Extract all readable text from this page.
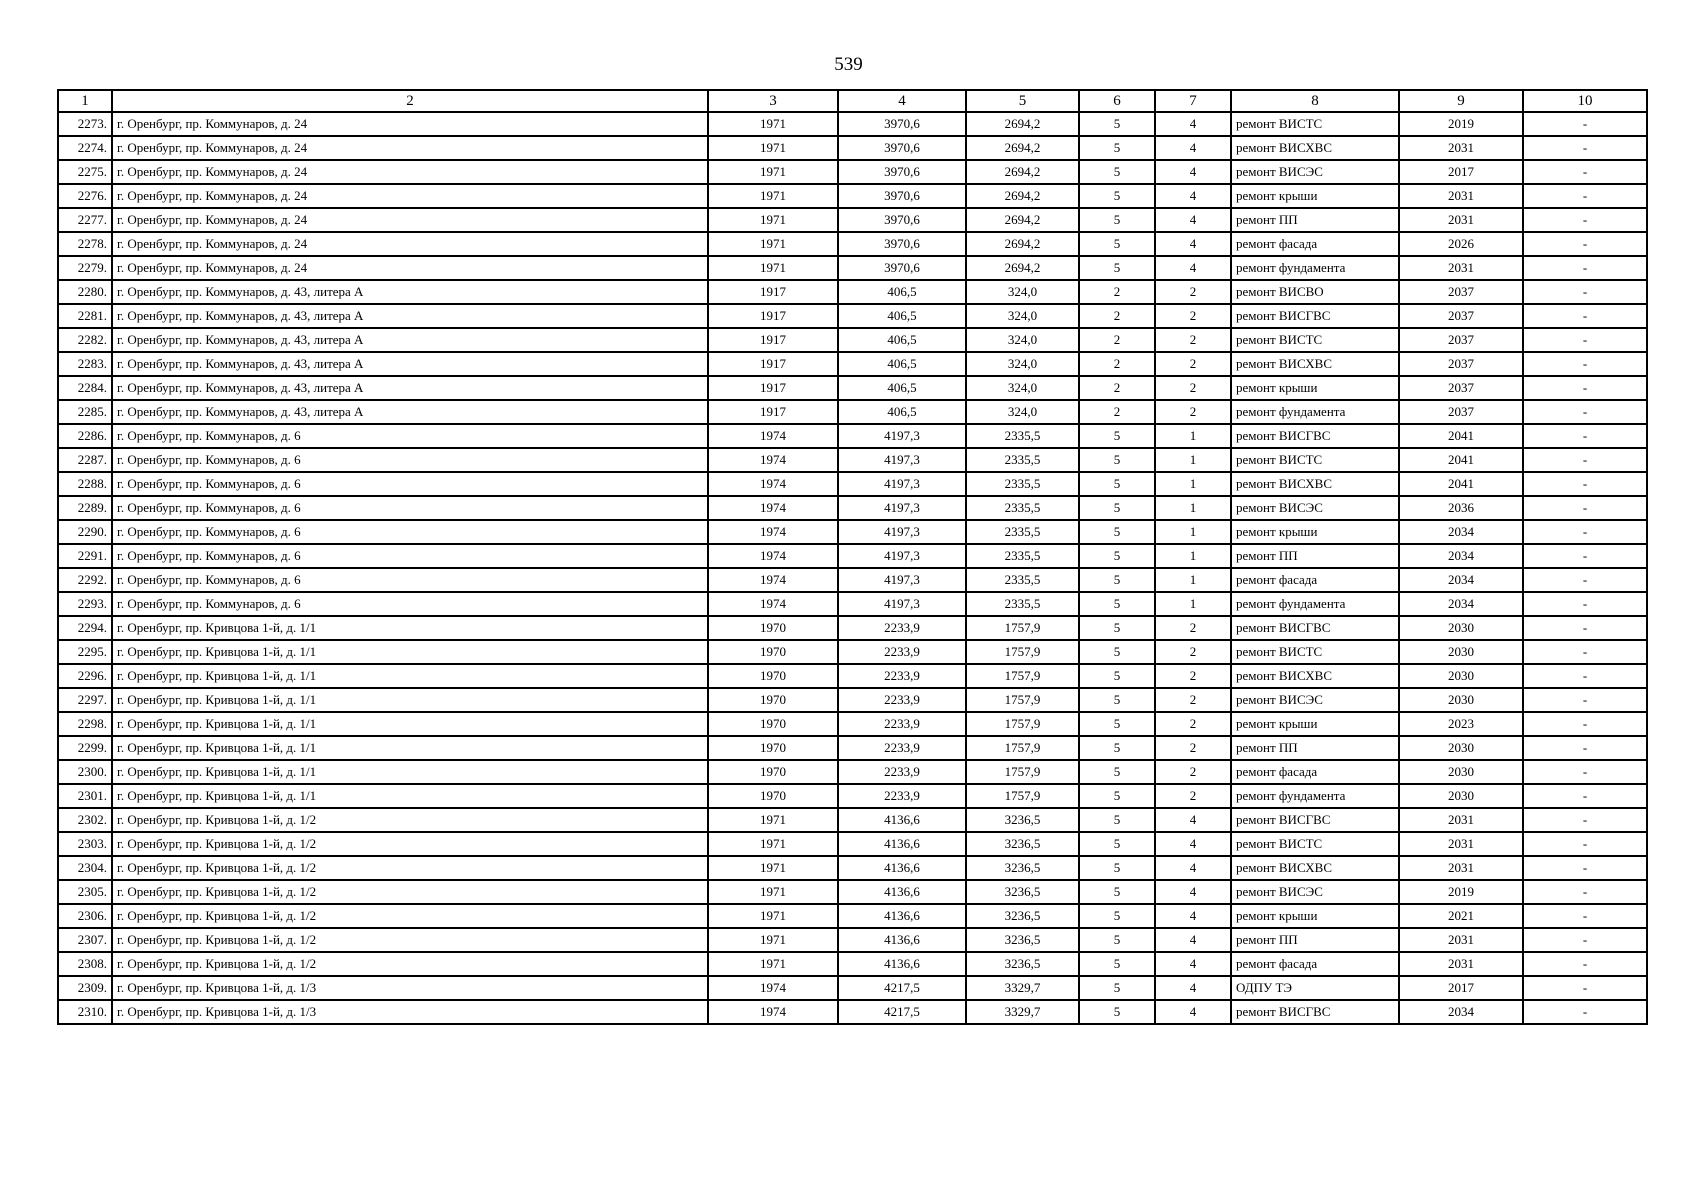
539
1	2	3	4	5	6	7	8	9	10
2273.	г. Оренбург, пр. Коммунаров, д. 24	1971	3970,6	2694,2	5	4	ремонт ВИСТС	2019	-
2274.	г. Оренбург, пр. Коммунаров, д. 24	1971	3970,6	2694,2	5	4	ремонт ВИСХВС	2031	-
2275.	г. Оренбург, пр. Коммунаров, д. 24	1971	3970,6	2694,2	5	4	ремонт ВИСЭС	2017	-
2276.	г. Оренбург, пр. Коммунаров, д. 24	1971	3970,6	2694,2	5	4	ремонт крыши	2031	-
2277.	г. Оренбург, пр. Коммунаров, д. 24	1971	3970,6	2694,2	5	4	ремонт ПП	2031	-
2278.	г. Оренбург, пр. Коммунаров, д. 24	1971	3970,6	2694,2	5	4	ремонт фасада	2026	-
2279.	г. Оренбург, пр. Коммунаров, д. 24	1971	3970,6	2694,2	5	4	ремонт фундамента	2031	-
2280.	г. Оренбург, пр. Коммунаров, д. 43, литера А	1917	406,5	324,0	2	2	ремонт ВИСВО	2037	-
2281.	г. Оренбург, пр. Коммунаров, д. 43, литера А	1917	406,5	324,0	2	2	ремонт ВИСГВС	2037	-
2282.	г. Оренбург, пр. Коммунаров, д. 43, литера А	1917	406,5	324,0	2	2	ремонт ВИСТС	2037	-
2283.	г. Оренбург, пр. Коммунаров, д. 43, литера А	1917	406,5	324,0	2	2	ремонт ВИСХВС	2037	-
2284.	г. Оренбург, пр. Коммунаров, д. 43, литера А	1917	406,5	324,0	2	2	ремонт крыши	2037	-
2285.	г. Оренбург, пр. Коммунаров, д. 43, литера А	1917	406,5	324,0	2	2	ремонт фундамента	2037	-
2286.	г. Оренбург, пр. Коммунаров, д. 6	1974	4197,3	2335,5	5	1	ремонт ВИСГВС	2041	-
2287.	г. Оренбург, пр. Коммунаров, д. 6	1974	4197,3	2335,5	5	1	ремонт ВИСТС	2041	-
2288.	г. Оренбург, пр. Коммунаров, д. 6	1974	4197,3	2335,5	5	1	ремонт ВИСХВС	2041	-
2289.	г. Оренбург, пр. Коммунаров, д. 6	1974	4197,3	2335,5	5	1	ремонт ВИСЭС	2036	-
2290.	г. Оренбург, пр. Коммунаров, д. 6	1974	4197,3	2335,5	5	1	ремонт крыши	2034	-
2291.	г. Оренбург, пр. Коммунаров, д. 6	1974	4197,3	2335,5	5	1	ремонт ПП	2034	-
2292.	г. Оренбург, пр. Коммунаров, д. 6	1974	4197,3	2335,5	5	1	ремонт фасада	2034	-
2293.	г. Оренбург, пр. Коммунаров, д. 6	1974	4197,3	2335,5	5	1	ремонт фундамента	2034	-
2294.	г. Оренбург, пр. Кривцова 1-й, д. 1/1	1970	2233,9	1757,9	5	2	ремонт ВИСГВС	2030	-
2295.	г. Оренбург, пр. Кривцова 1-й, д. 1/1	1970	2233,9	1757,9	5	2	ремонт ВИСТС	2030	-
2296.	г. Оренбург, пр. Кривцова 1-й, д. 1/1	1970	2233,9	1757,9	5	2	ремонт ВИСХВС	2030	-
2297.	г. Оренбург, пр. Кривцова 1-й, д. 1/1	1970	2233,9	1757,9	5	2	ремонт ВИСЭС	2030	-
2298.	г. Оренбург, пр. Кривцова 1-й, д. 1/1	1970	2233,9	1757,9	5	2	ремонт крыши	2023	-
2299.	г. Оренбург, пр. Кривцова 1-й, д. 1/1	1970	2233,9	1757,9	5	2	ремонт ПП	2030	-
2300.	г. Оренбург, пр. Кривцова 1-й, д. 1/1	1970	2233,9	1757,9	5	2	ремонт фасада	2030	-
2301.	г. Оренбург, пр. Кривцова 1-й, д. 1/1	1970	2233,9	1757,9	5	2	ремонт фундамента	2030	-
2302.	г. Оренбург, пр. Кривцова 1-й, д. 1/2	1971	4136,6	3236,5	5	4	ремонт ВИСГВС	2031	-
2303.	г. Оренбург, пр. Кривцова 1-й, д. 1/2	1971	4136,6	3236,5	5	4	ремонт ВИСТС	2031	-
2304.	г. Оренбург, пр. Кривцова 1-й, д. 1/2	1971	4136,6	3236,5	5	4	ремонт ВИСХВС	2031	-
2305.	г. Оренбург, пр. Кривцова 1-й, д. 1/2	1971	4136,6	3236,5	5	4	ремонт ВИСЭС	2019	-
2306.	г. Оренбург, пр. Кривцова 1-й, д. 1/2	1971	4136,6	3236,5	5	4	ремонт крыши	2021	-
2307.	г. Оренбург, пр. Кривцова 1-й, д. 1/2	1971	4136,6	3236,5	5	4	ремонт ПП	2031	-
2308.	г. Оренбург, пр. Кривцова 1-й, д. 1/2	1971	4136,6	3236,5	5	4	ремонт фасада	2031	-
2309.	г. Оренбург, пр. Кривцова 1-й, д. 1/3	1974	4217,5	3329,7	5	4	ОДПУ ТЭ	2017	-
2310.	г. Оренбург, пр. Кривцова 1-й, д. 1/3	1974	4217,5	3329,7	5	4	ремонт ВИСГВС	2034	-
